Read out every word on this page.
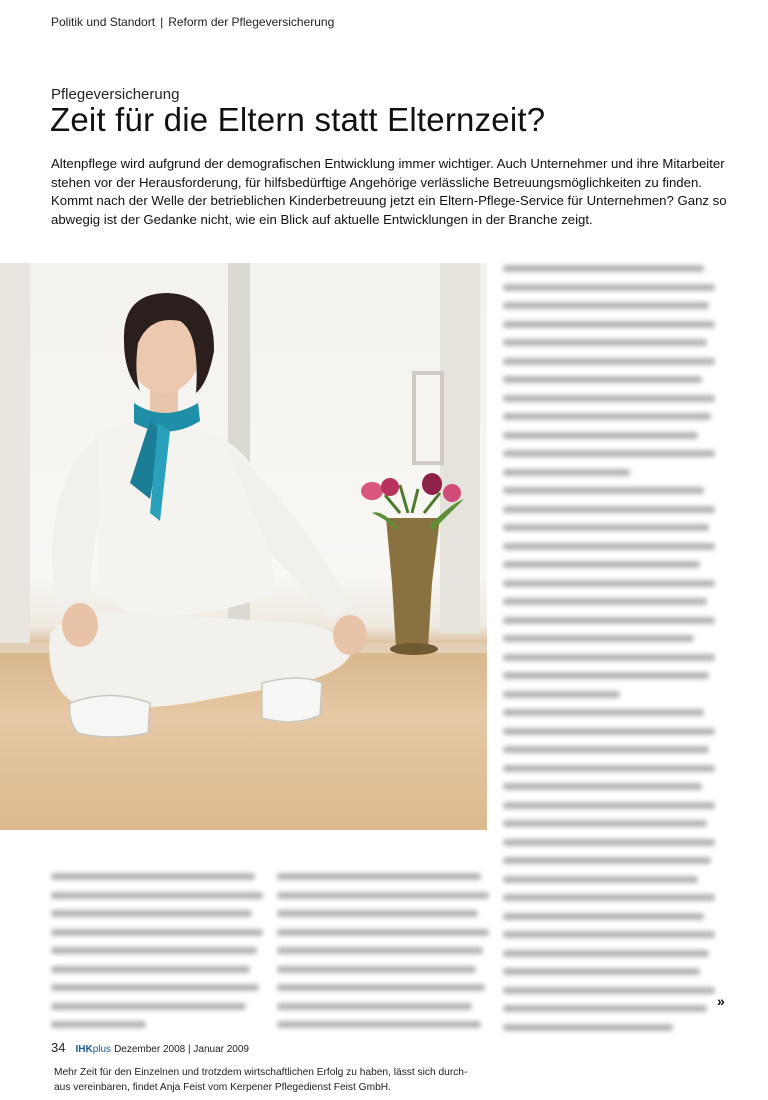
Politik und Standort | Reform der Pflegeversicherung
Pflegeversicherung
Zeit für die Eltern statt Elternzeit?

Altenpflege wird aufgrund der demografischen Entwicklung immer wichtiger. Auch Unternehmer und ihre Mitarbeiter stehen vor der Herausforderung, für hilfsbedürftige Angehörige verlässliche Betreuungsmöglichkeiten zu finden. Kommt nach der Welle der betrieblichen Kinderbetreuung jetzt ein Eltern-Pflege-Service für Unternehmen? Ganz so abwegig ist der Gedanke nicht, wie ein Blick auf aktuelle Entwicklungen in der Branche zeigt.

Mehr Zeit für den Einzelnen und trotzdem wirtschaftlichen Erfolg zu haben, lässt sich durch-aus vereinbaren, findet Anja Feist vom Kerpener Pflegedienst Feist GmbH.

»
34 IHKplus Dezember 2008 | Januar 2009
